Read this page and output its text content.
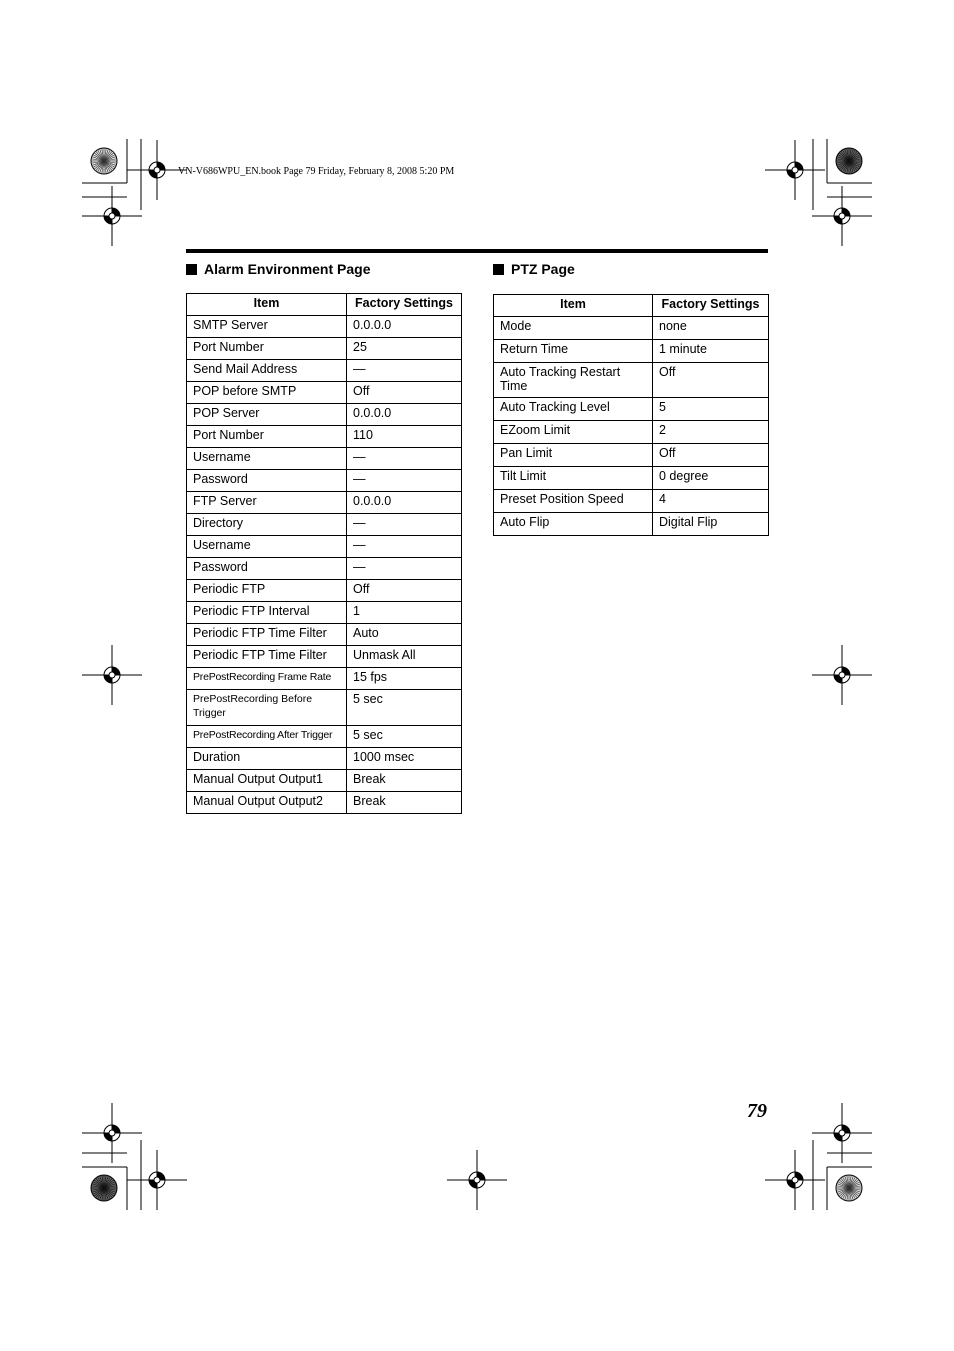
VN-V686WPU_EN.book Page 79 Friday, February 8, 2008 5:20 PM
Alarm Environment Page	PTZ Page
Item	Factory Settings
SMTP Server	0.0.0.0
Port Number	25
Send Mail Address	—
POP before SMTP	Off
POP Server	0.0.0.0
Port Number	110
Username	—
Password	—
FTP Server	0.0.0.0
Directory	—
Username	—
Password	—
Periodic FTP	Off
Periodic FTP Interval	1
Periodic FTP Time Filter	Auto
Periodic FTP Time Filter	Unmask All
PrePostRecording Frame Rate	15 fps
PrePostRecording Before Trigger	5 sec
PrePostRecording After Trigger	5 sec
Duration	1000 msec
Manual Output Output1	Break
Manual Output Output2	Break
Item	Factory Settings
Mode	none
Return Time	1 minute
Auto Tracking Restart Time	Off
Auto Tracking Level	5
EZoom Limit	2
Pan Limit	Off
Tilt Limit	0 degree
Preset Position Speed	4
Auto Flip	Digital Flip
79
